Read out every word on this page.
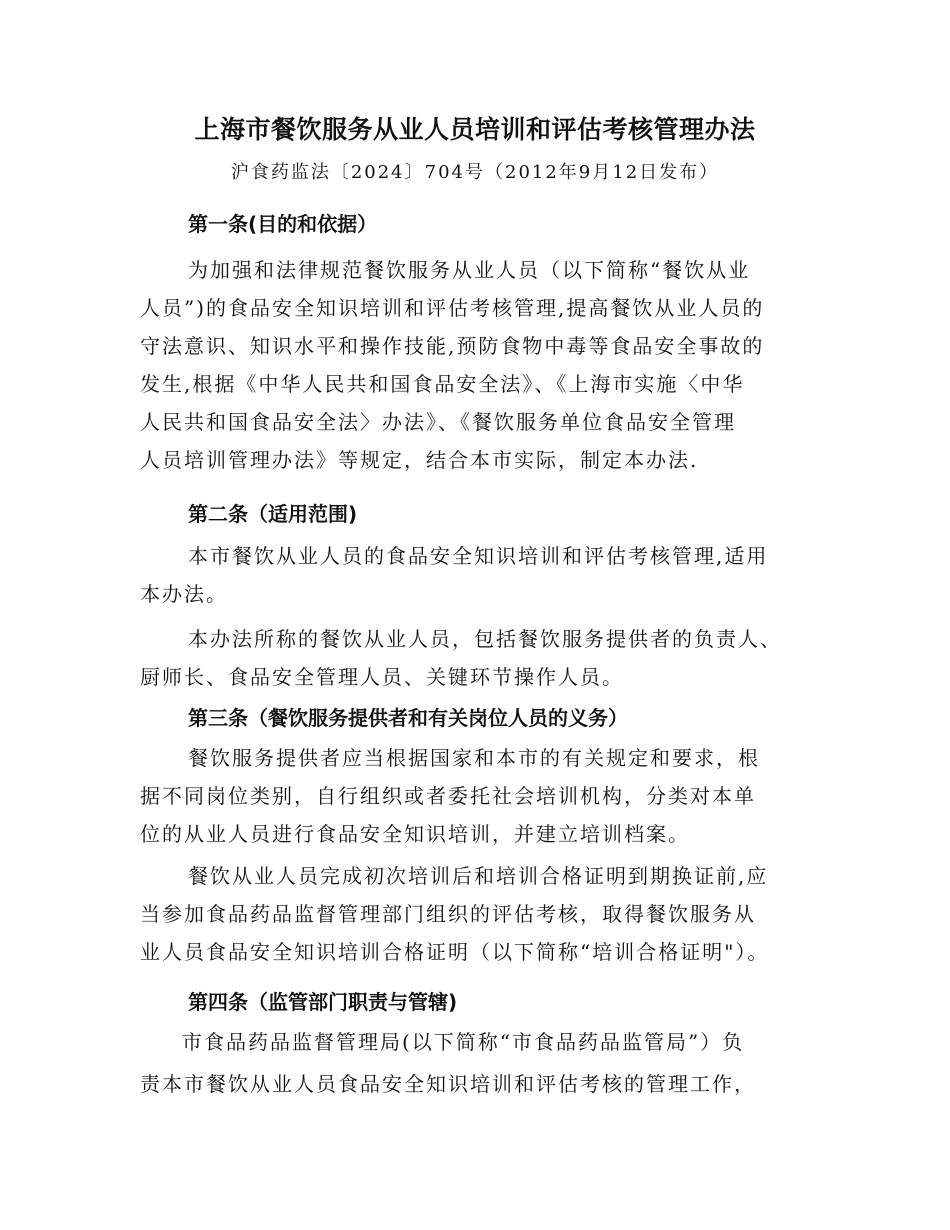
上海市餐饮服务从业人员培训和评估考核管理办法
沪食药监法〔2024〕704号（2012年9月12日发布）
第一条(目的和依据）
为加强和法律规范餐饮服务从业人员（以下简称“餐饮从业
人员”)的食品安全知识培训和评估考核管理,提高餐饮从业人员的
守法意识、知识水平和操作技能,预防食物中毒等食品安全事故的
发生,根据《中华人民共和国食品安全法》、《上海市实施〈中华
人民共和国食品安全法〉办法》、《餐饮服务单位食品安全管理
人员培训管理办法》等规定，结合本市实际，制定本办法.
第二条（适用范围)
本市餐饮从业人员的食品安全知识培训和评估考核管理,适用
本办法。
本办法所称的餐饮从业人员，包括餐饮服务提供者的负责人、
厨师长、食品安全管理人员、关键环节操作人员。
第三条（餐饮服务提供者和有关岗位人员的义务）
餐饮服务提供者应当根据国家和本市的有关规定和要求，根
据不同岗位类别，自行组织或者委托社会培训机构，分类对本单
位的从业人员进行食品安全知识培训，并建立培训档案。
餐饮从业人员完成初次培训后和培训合格证明到期换证前,应
当参加食品药品监督管理部门组织的评估考核，取得餐饮服务从
业人员食品安全知识培训合格证明（以下简称“培训合格证明"）。
第四条（监管部门职责与管辖)
市食品药品监督管理局(以下简称“市食品药品监管局”）负
责本市餐饮从业人员食品安全知识培训和评估考核的管理工作，
